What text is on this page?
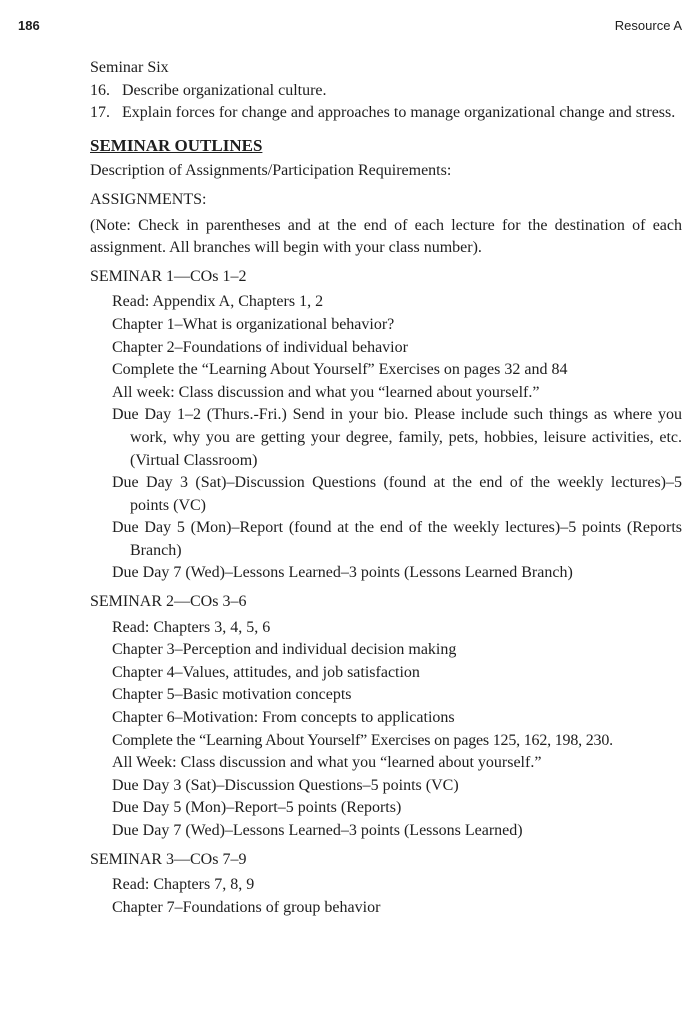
186	Resource A

Seminar Six

16. Describe organizational culture.

17. Explain forces for change and approaches to manage organizational change and stress.

SEMINAR OUTLINES

Description of Assignments/Participation Requirements:

ASSIGNMENTS:

(Note: Check in parentheses and at the end of each lecture for the destination of each assignment. All branches will begin with your class number).

SEMINAR 1—COs 1–2

Read: Appendix A, Chapters 1, 2

Chapter 1–What is organizational behavior?

Chapter 2–Foundations of individual behavior

Complete the “Learning About Yourself” Exercises on pages 32 and 84

All week: Class discussion and what you “learned about yourself.”

Due Day 1–2 (Thurs.-Fri.) Send in your bio. Please include such things as where you work, why you are getting your degree, family, pets, hobbies, leisure activities, etc. (Virtual Classroom)

Due Day 3 (Sat)–Discussion Questions (found at the end of the weekly lectures)–5 points (VC)

Due Day 5 (Mon)–Report (found at the end of the weekly lectures)–5 points (Reports Branch)

Due Day 7 (Wed)–Lessons Learned–3 points (Lessons Learned Branch)

SEMINAR 2—COs 3–6

Read: Chapters 3, 4, 5, 6

Chapter 3–Perception and individual decision making

Chapter 4–Values, attitudes, and job satisfaction

Chapter 5–Basic motivation concepts

Chapter 6–Motivation: From concepts to applications

Complete the “Learning About Yourself” Exercises on pages 125, 162, 198, 230.

All Week: Class discussion and what you “learned about yourself.”

Due Day 3 (Sat)–Discussion Questions–5 points (VC)

Due Day 5 (Mon)–Report–5 points (Reports)

Due Day 7 (Wed)–Lessons Learned–3 points (Lessons Learned)

SEMINAR 3—COs 7–9

Read: Chapters 7, 8, 9

Chapter 7–Foundations of group behavior
